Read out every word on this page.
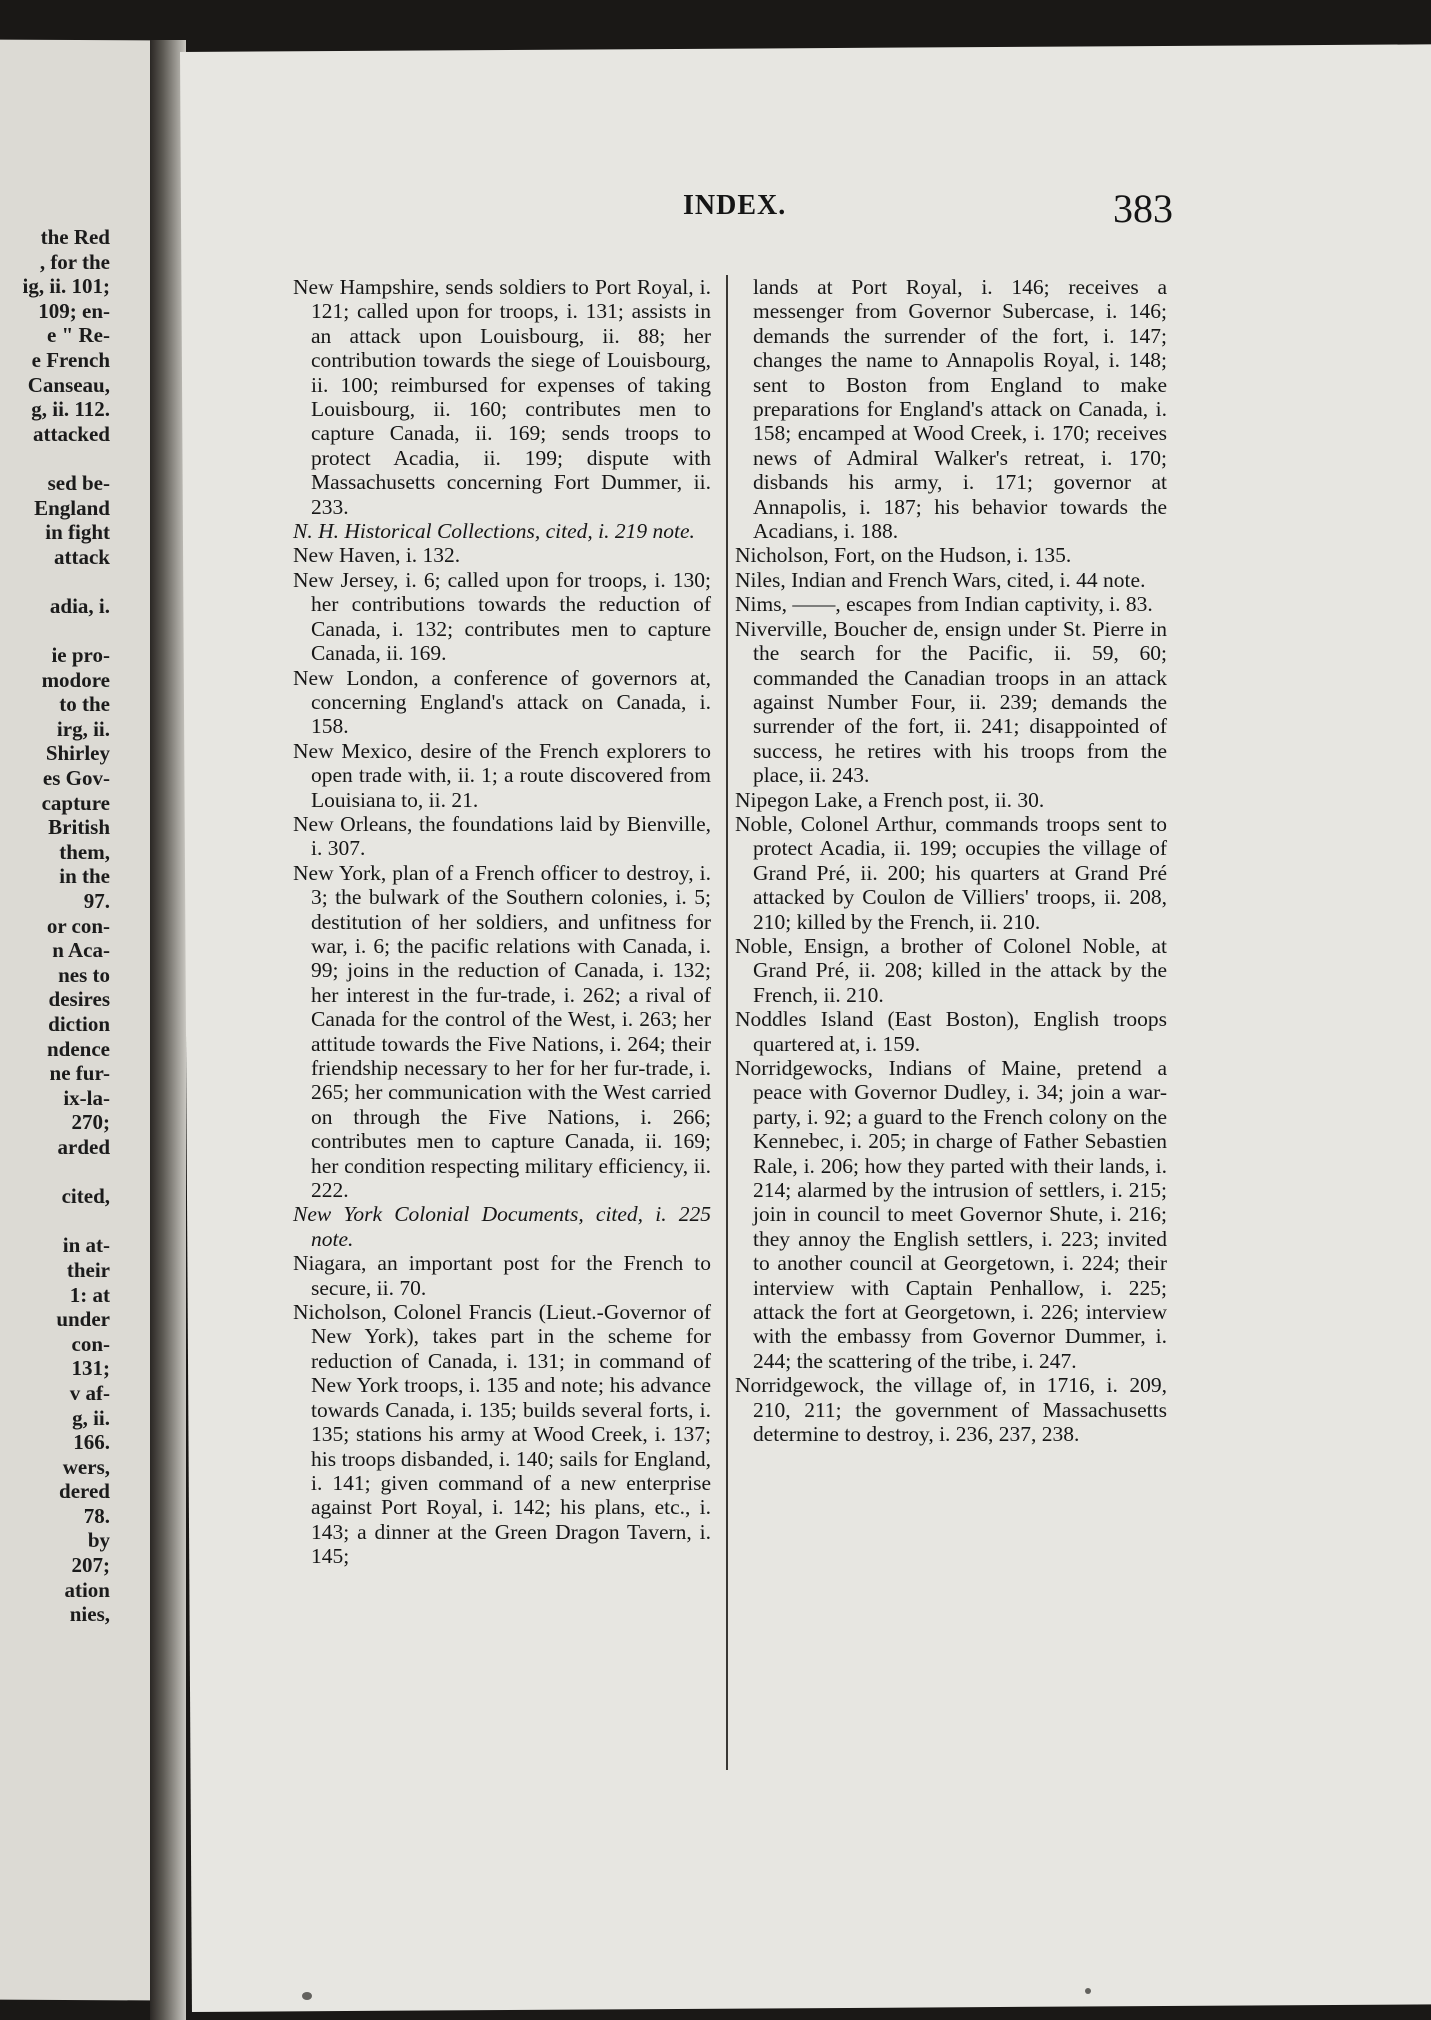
the Red
, for the
ig, ii. 101;
109; en-
e " Re-
e French
Canseau,
g, ii. 112.
attacked

sed be-
England
in fight
attack

adia, i.

ie pro-
modore
to the
irg, ii.
Shirley
es Gov-
capture
British
them,
in the
97.
or con-
n Aca-
nes to
desires
diction
ndence
ne fur-
ix-la-
270;
arded

cited,

in at-
their
1: at
under
con-
131;
v af-
g, ii.
166.
wers,
dered
78.
by
207;
ation
nies,
INDEX.	383

New Hampshire, sends soldiers to Port Royal, i. 121; called upon for troops, i. 131; assists in an attack upon Louisbourg, ii. 88; her contribution towards the siege of Louisbourg, ii. 100; reimbursed for expenses of taking Louisbourg, ii. 160; contributes men to capture Canada, ii. 169; sends troops to protect Acadia, ii. 199; dispute with Massachusetts concerning Fort Dummer, ii. 233.

N. H. Historical Collections, cited, i. 219 note.

New Haven, i. 132.

New Jersey, i. 6; called upon for troops, i. 130; her contributions towards the reduction of Canada, i. 132; contributes men to capture Canada, ii. 169.

New London, a conference of governors at, concerning England's attack on Canada, i. 158.

New Mexico, desire of the French explorers to open trade with, ii. 1; a route discovered from Louisiana to, ii. 21.

New Orleans, the foundations laid by Bienville, i. 307.

New York, plan of a French officer to destroy, i. 3; the bulwark of the Southern colonies, i. 5; destitution of her soldiers, and unfitness for war, i. 6; the pacific relations with Canada, i. 99; joins in the reduction of Canada, i. 132; her interest in the fur-trade, i. 262; a rival of Canada for the control of the West, i. 263; her attitude towards the Five Nations, i. 264; their friendship necessary to her for her fur-trade, i. 265; her communication with the West carried on through the Five Nations, i. 266; contributes men to capture Canada, ii. 169; her condition respecting military efficiency, ii. 222.

New York Colonial Documents, cited, i. 225 note.

Niagara, an important post for the French to secure, ii. 70.

Nicholson, Colonel Francis (Lieut.-Governor of New York), takes part in the scheme for reduction of Canada, i. 131; in command of New York troops, i. 135 and note; his advance towards Canada, i. 135; builds several forts, i. 135; stations his army at Wood Creek, i. 137; his troops disbanded, i. 140; sails for England, i. 141; given command of a new enterprise against Port Royal, i. 142; his plans, etc., i. 143; a dinner at the Green Dragon Tavern, i. 145;

lands at Port Royal, i. 146; receives a messenger from Governor Subercase, i. 146; demands the surrender of the fort, i. 147; changes the name to Annapolis Royal, i. 148; sent to Boston from England to make preparations for England's attack on Canada, i. 158; encamped at Wood Creek, i. 170; receives news of Admiral Walker's retreat, i. 170; disbands his army, i. 171; governor at Annapolis, i. 187; his behavior towards the Acadians, i. 188.

Nicholson, Fort, on the Hudson, i. 135.

Niles, Indian and French Wars, cited, i. 44 note.

Nims, ——, escapes from Indian captivity, i. 83.

Niverville, Boucher de, ensign under St. Pierre in the search for the Pacific, ii. 59, 60; commanded the Canadian troops in an attack against Number Four, ii. 239; demands the surrender of the fort, ii. 241; disappointed of success, he retires with his troops from the place, ii. 243.

Nipegon Lake, a French post, ii. 30.

Noble, Colonel Arthur, commands troops sent to protect Acadia, ii. 199; occupies the village of Grand Pré, ii. 200; his quarters at Grand Pré attacked by Coulon de Villiers' troops, ii. 208, 210; killed by the French, ii. 210.

Noble, Ensign, a brother of Colonel Noble, at Grand Pré, ii. 208; killed in the attack by the French, ii. 210.

Noddles Island (East Boston), English troops quartered at, i. 159.

Norridgewocks, Indians of Maine, pretend a peace with Governor Dudley, i. 34; join a war-party, i. 92; a guard to the French colony on the Kennebec, i. 205; in charge of Father Sebastien Rale, i. 206; how they parted with their lands, i. 214; alarmed by the intrusion of settlers, i. 215; join in council to meet Governor Shute, i. 216; they annoy the English settlers, i. 223; invited to another council at Georgetown, i. 224; their interview with Captain Penhallow, i. 225; attack the fort at Georgetown, i. 226; interview with the embassy from Governor Dummer, i. 244; the scattering of the tribe, i. 247.

Norridgewock, the village of, in 1716, i. 209, 210, 211; the government of Massachusetts determine to destroy, i. 236, 237, 238.
